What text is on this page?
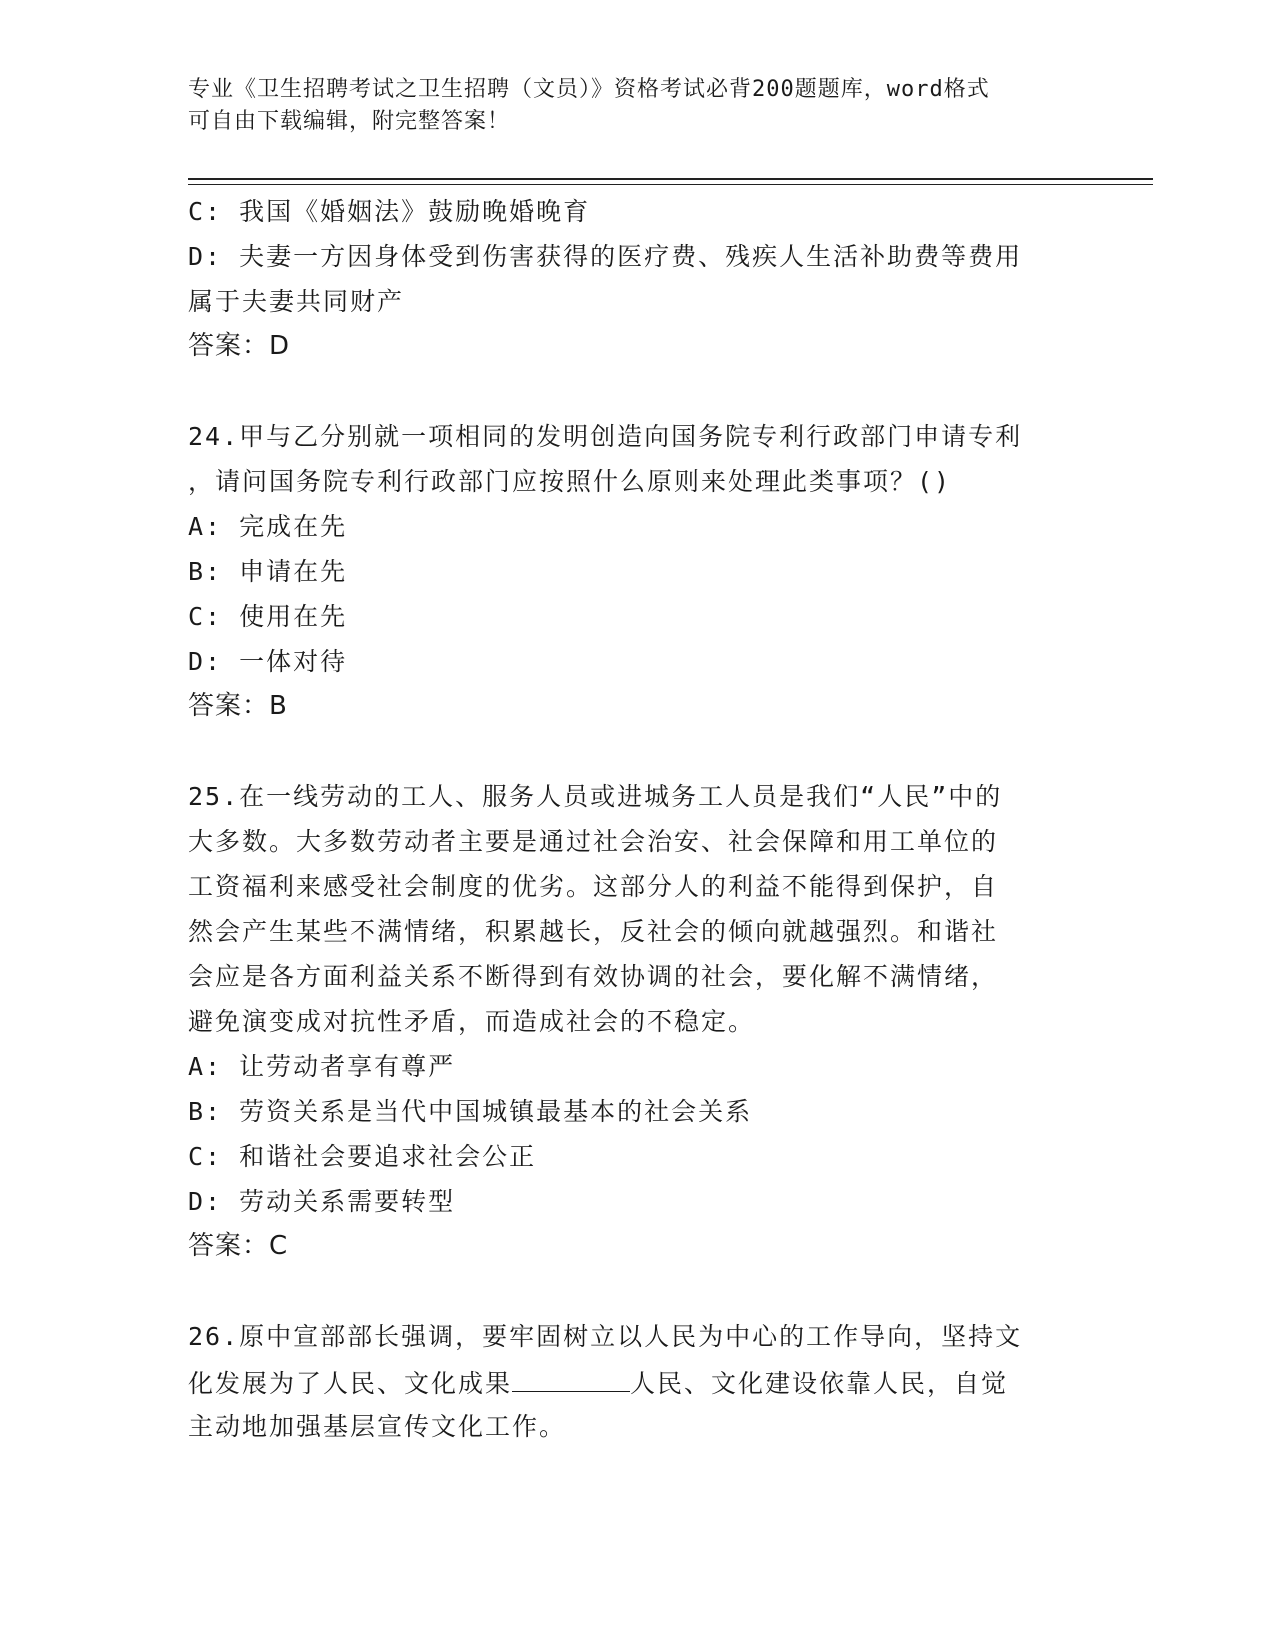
专业《卫生招聘考试之卫生招聘（文员）》资格考试必背200题题库，word格式
可自由下载编辑，附完整答案！
C: 我国《婚姻法》鼓励晚婚晚育
D: 夫妻一方因身体受到伤害获得的医疗费、残疾人生活补助费等费用
属于夫妻共同财产
答案：D
24.甲与乙分别就一项相同的发明创造向国务院专利行政部门申请专利
，请问国务院专利行政部门应按照什么原则来处理此类事项？()
A: 完成在先
B: 申请在先
C: 使用在先
D: 一体对待
答案：B
25.在一线劳动的工人、服务人员或进城务工人员是我们“人民”中的
大多数。大多数劳动者主要是通过社会治安、社会保障和用工单位的
工资福利来感受社会制度的优劣。这部分人的利益不能得到保护，自
然会产生某些不满情绪，积累越长，反社会的倾向就越强烈。和谐社
会应是各方面利益关系不断得到有效协调的社会，要化解不满情绪，
避免演变成对抗性矛盾，而造成社会的不稳定。
A: 让劳动者享有尊严
B: 劳资关系是当代中国城镇最基本的社会关系
C: 和谐社会要追求社会公正
D: 劳动关系需要转型
答案：C
26.原中宣部部长强调，要牢固树立以人民为中心的工作导向，坚持文
化发展为了人民、文化成果	人民、文化建设依靠人民，自觉
主动地加强基层宣传文化工作。
